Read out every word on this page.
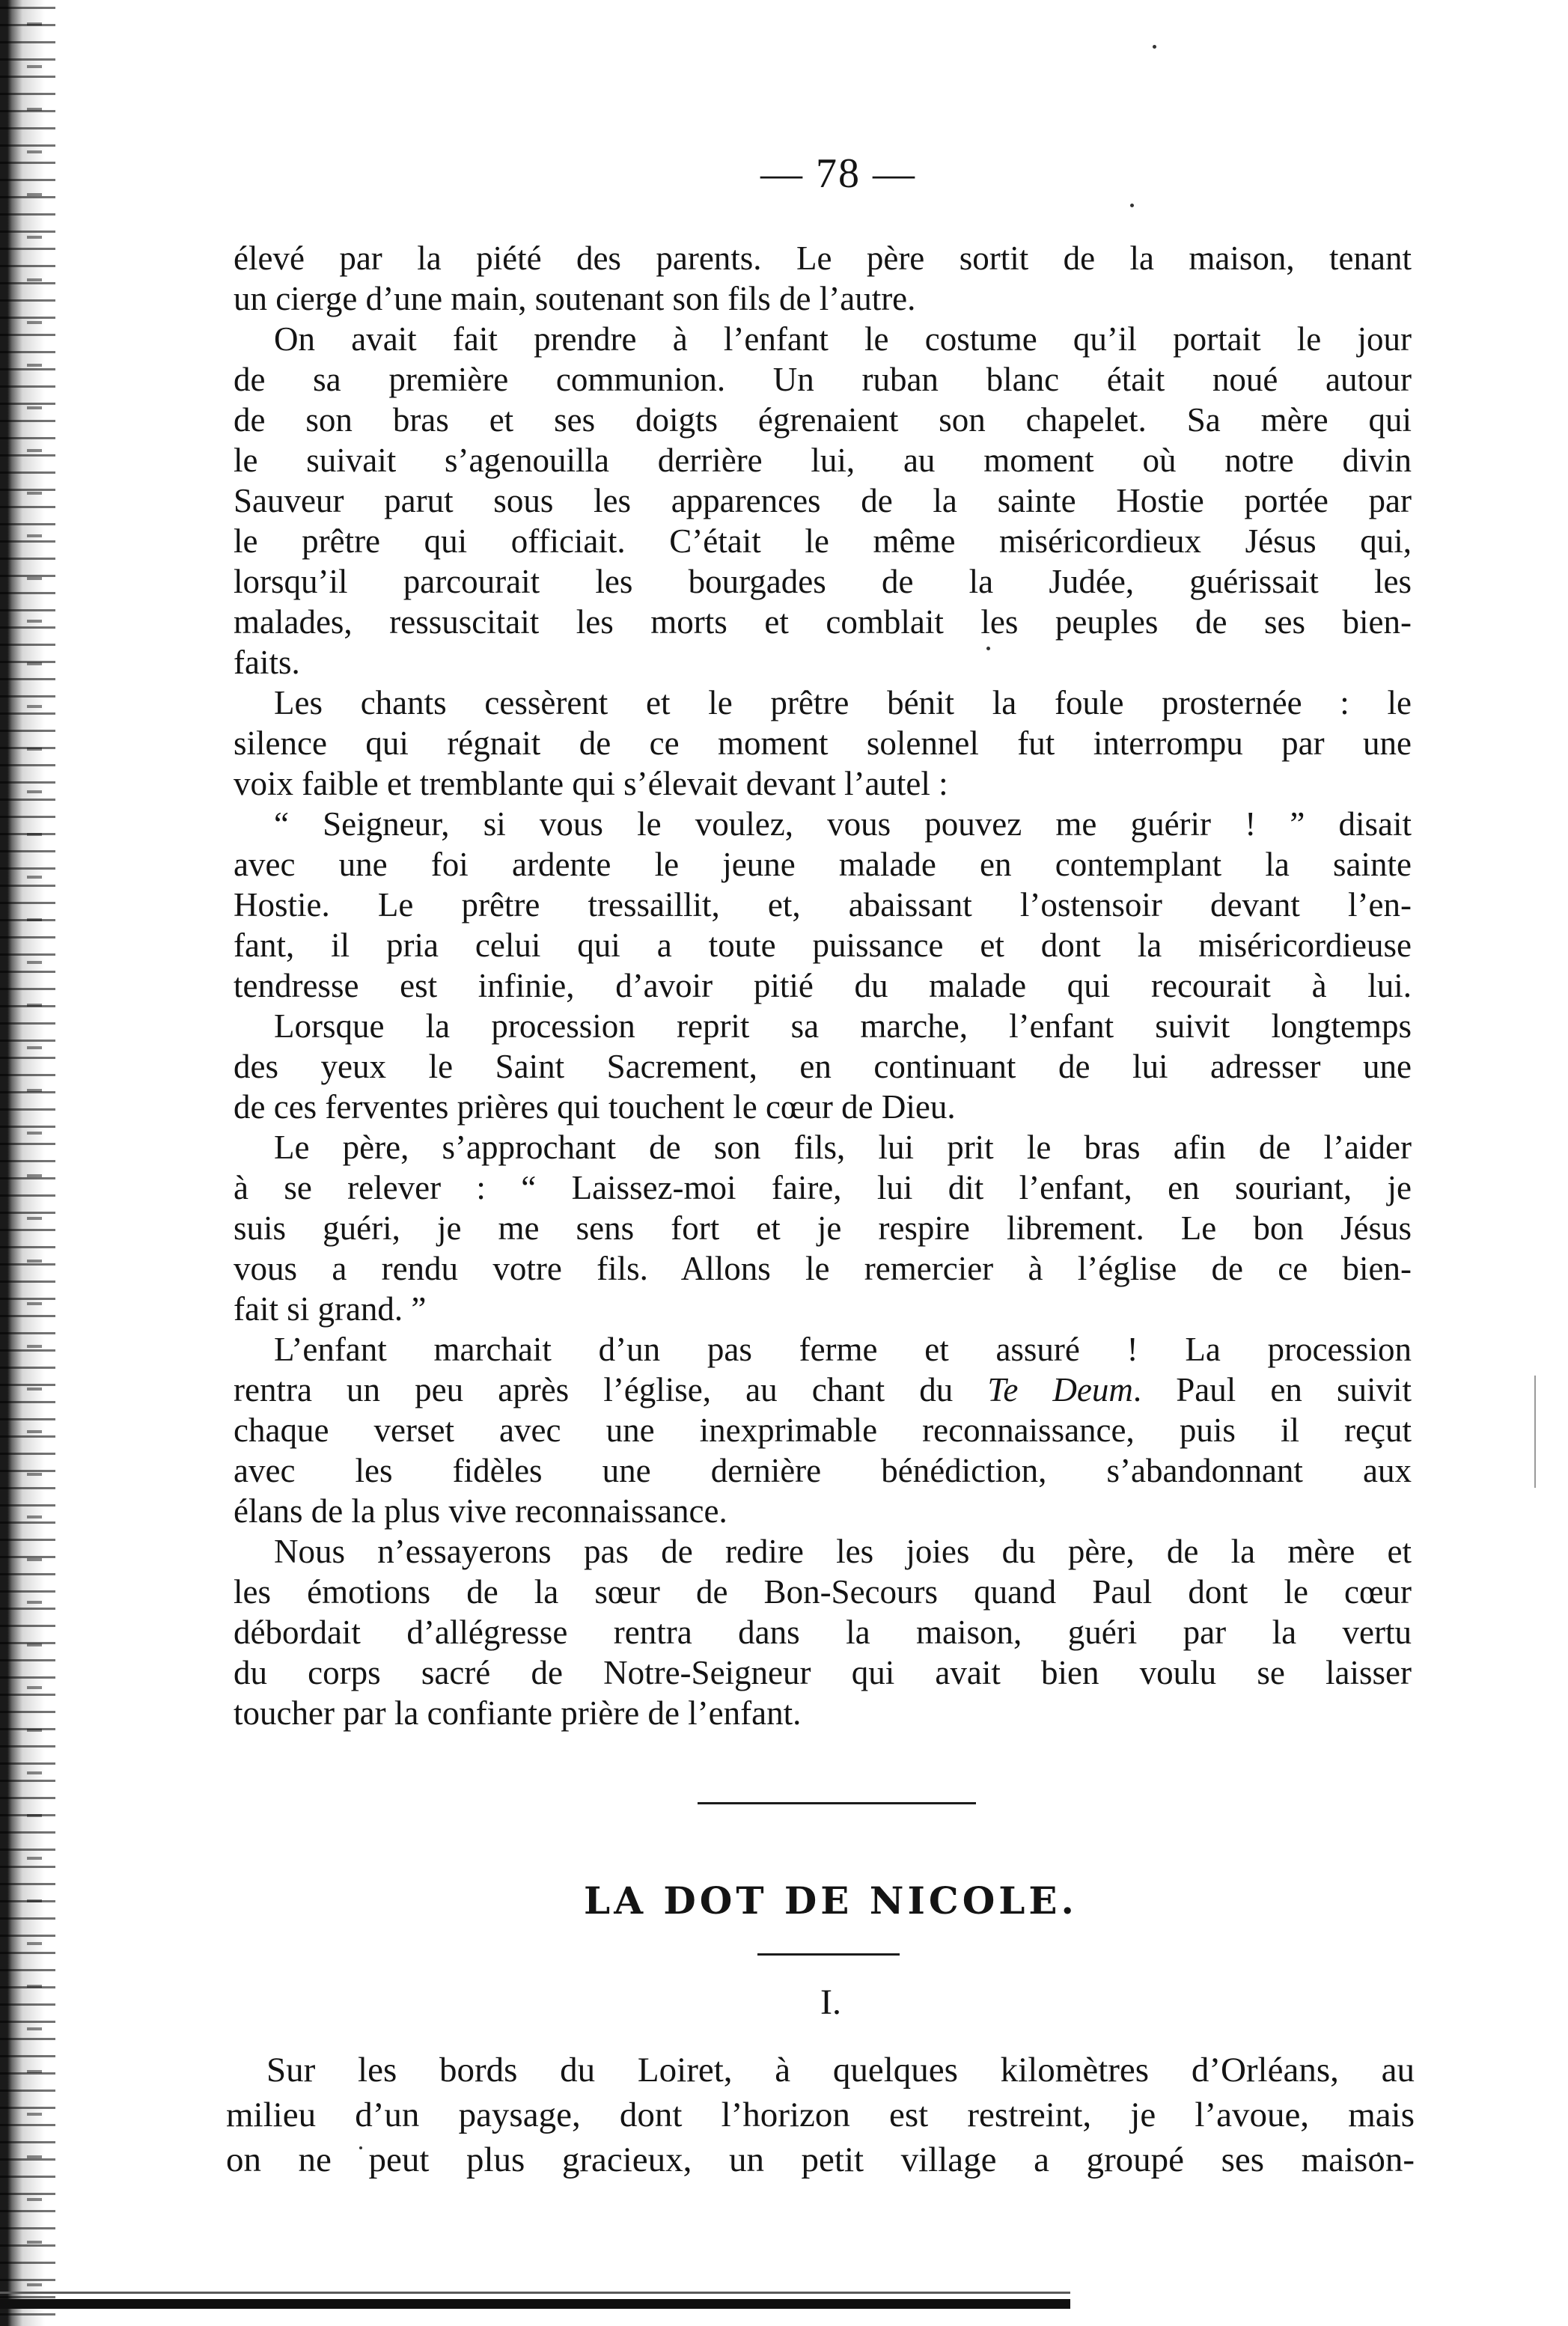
— 78 —
élevé par la piété des parents. Le père sortit de la maison, tenant
un cierge d’une main, soutenant son fils de l’autre.
On avait fait prendre à l’enfant le costume qu’il portait le jour
de sa première communion. Un ruban blanc était noué autour
de son bras et ses doigts égrenaient son chapelet. Sa mère qui
le suivait s’agenouilla derrière lui, au moment où notre divin
Sauveur parut sous les apparences de la sainte Hostie portée par
le prêtre qui officiait. C’était le même miséricordieux Jésus qui,
lorsqu’il parcourait les bourgades de la Judée, guérissait les
malades, ressuscitait les morts et comblait les peuples de ses bien-
faits.
Les chants cessèrent et le prêtre bénit la foule prosternée : le
silence qui régnait de ce moment solennel fut interrompu par une
voix faible et tremblante qui s’élevait devant l’autel :
“ Seigneur, si vous le voulez, vous pouvez me guérir ! ” disait
avec une foi ardente le jeune malade en contemplant la sainte
Hostie. Le prêtre tressaillit, et, abaissant l’ostensoir devant l’en-
fant, il pria celui qui a toute puissance et dont la miséricordieuse
tendresse est infinie, d’avoir pitié du malade qui recourait à lui.
Lorsque la procession reprit sa marche, l’enfant suivit longtemps
des yeux le Saint Sacrement, en continuant de lui adresser une
de ces ferventes prières qui touchent le cœur de Dieu.
Le père, s’approchant de son fils, lui prit le bras afin de l’aider
à se relever : “ Laissez-moi faire, lui dit l’enfant, en souriant, je
suis guéri, je me sens fort et je respire librement. Le bon Jésus
vous a rendu votre fils. Allons le remercier à l’église de ce bien-
fait si grand. ”
L’enfant marchait d’un pas ferme et assuré ! La procession
rentra un peu après l’église, au chant du Te Deum. Paul en suivit
chaque verset avec une inexprimable reconnaissance, puis il reçut
avec les fidèles une dernière bénédiction, s’abandonnant aux
élans de la plus vive reconnaissance.
Nous n’essayerons pas de redire les joies du père, de la mère et
les émotions de la sœur de Bon-Secours quand Paul dont le cœur
débordait d’allégresse rentra dans la maison, guéri par la vertu
du corps sacré de Notre-Seigneur qui avait bien voulu se laisser
toucher par la confiante prière de l’enfant.
LA DOT DE NICOLE.
I.
Sur les bords du Loiret, à quelques kilomètres d’Orléans, au
milieu d’un paysage, dont l’horizon est restreint, je l’avoue, mais
on ne peut plus gracieux, un petit village a groupé ses maison-
